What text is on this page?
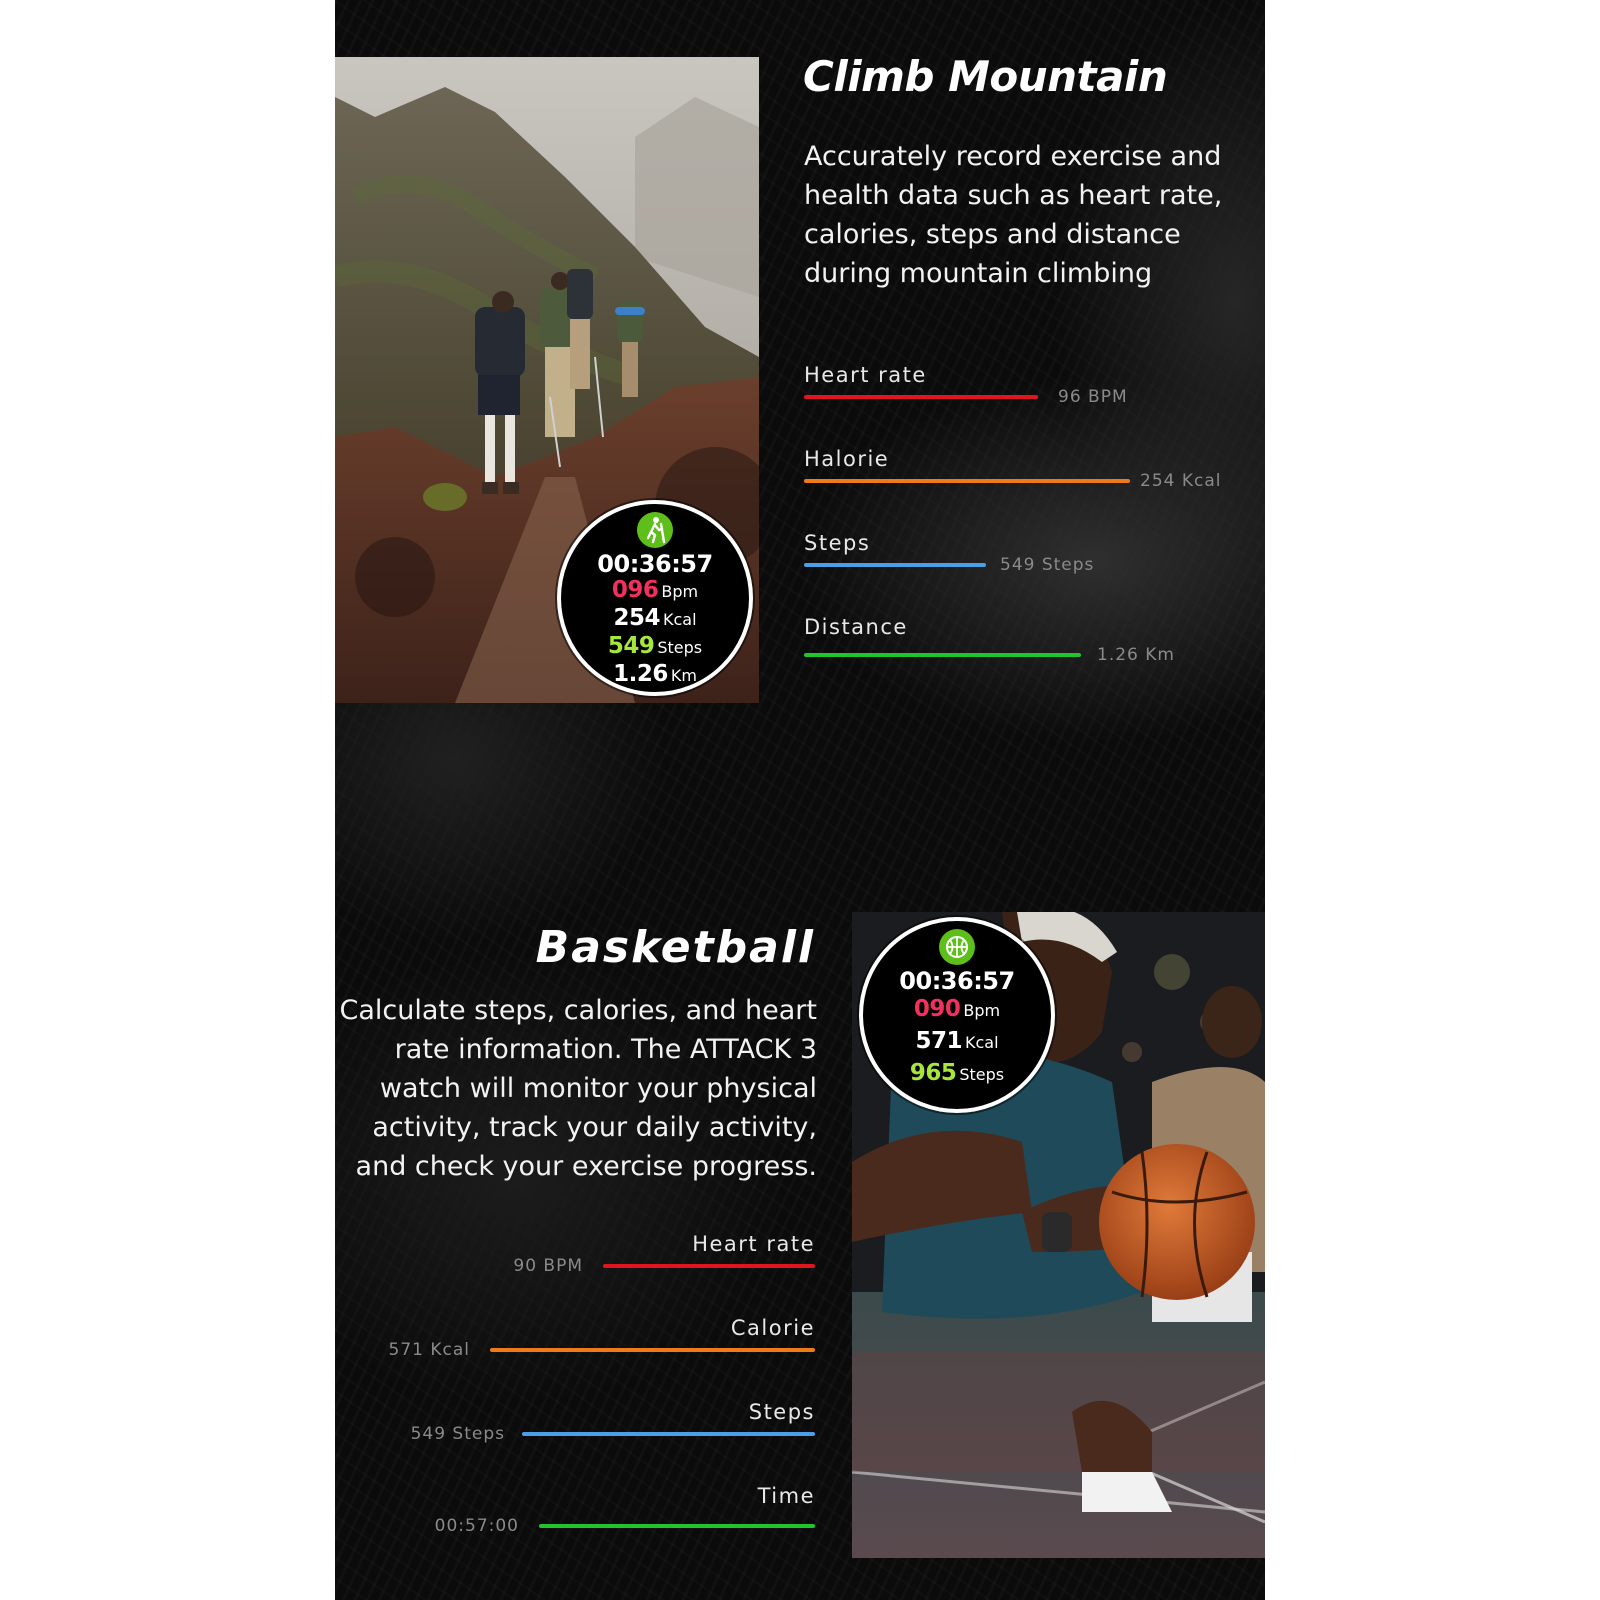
00:36:57
096 Bpm
254 Kcal
549 Steps
1.26 Km
Climb Mountain

Accurately record exercise and health data such as heart rate, calories, steps and distance during mountain climbing

Heart rate
96 BPM
Halorie
254 Kcal
Steps
549 Steps
Distance
1.26 Km
00:36:57
090 Bpm
571 Kcal
965 Steps
Basketball

Calculate steps, calories, and heart rate information. The ATTACK 3 watch will monitor your physical activity, track your daily activity, and check your exercise progress.

Heart rate
90 BPM
Calorie
571 Kcal
Steps
549 Steps
Time
00:57:00
